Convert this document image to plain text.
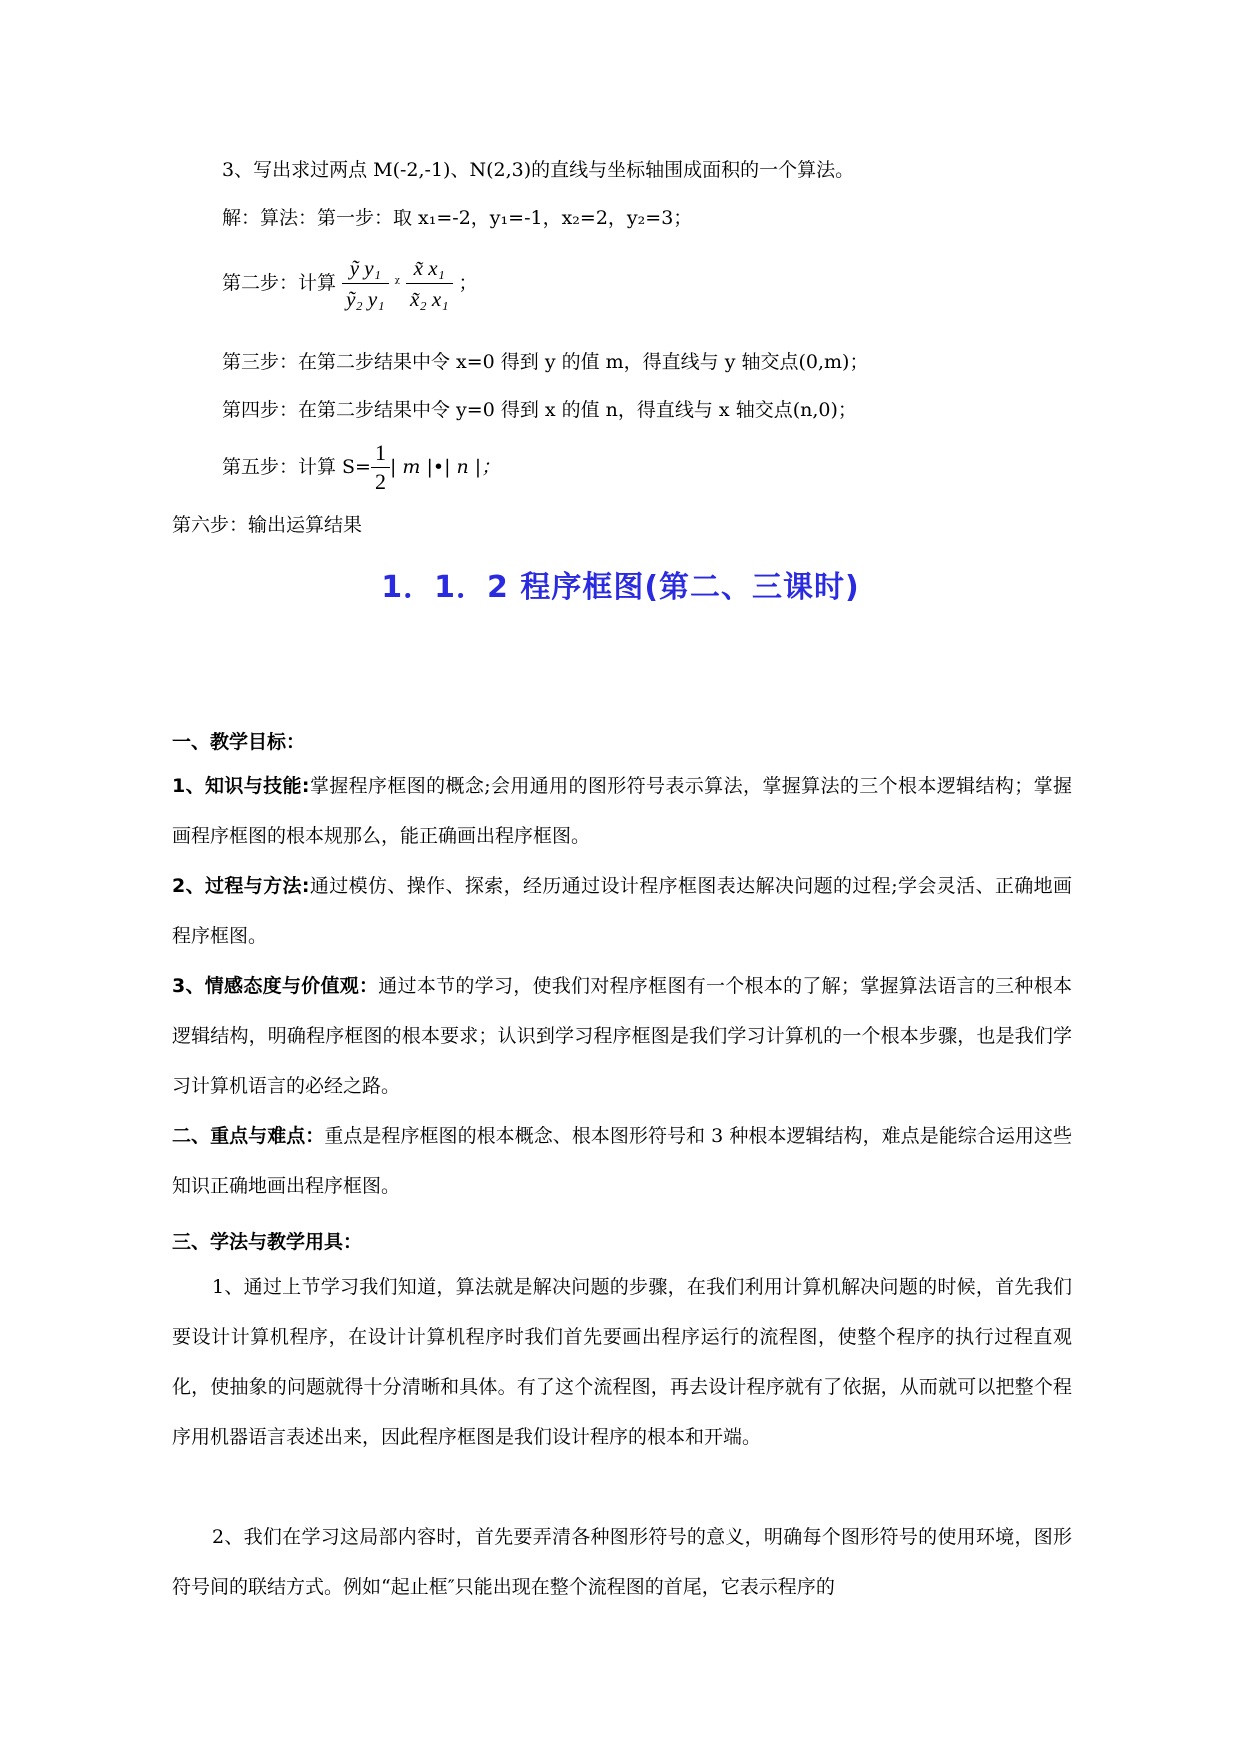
3、写出求过两点 M(-2,-1)、N(2,3)的直线与坐标轴围成面积的一个算法。
解：算法：第一步：取 x₁=-2，y₁=-1，x₂=2，y₂=3；
第二步：计算 $\frac{\text{ỹ y₁}}{\text{ỹ₂ y₁}}$ ᵡ $\frac{\text{x̃ x₁}}{\text{x̃₂ x₁}}$ ；
第三步：在第二步结果中令 x=0 得到 y 的值 m，得直线与 y 轴交点(0,m)；
第四步：在第二步结果中令 y=0 得到 x 的值 n，得直线与 x 轴交点(n,0)；
第五步：计算 $S= \frac{1}{2}$ | m |•| n |；
第六步：输出运算结果
1．1．2 程序框图(第二、三课时)
一、教学目标：
1、知识与技能:掌握程序框图的概念;会用通用的图形符号表示算法，掌握算法的三个根本逻辑结构；掌握画程序框图的根本规那么，能正确画出程序框图。
2、过程与方法:通过模仿、操作、探索，经历通过设计程序框图表达解决问题的过程;学会灵活、正确地画程序框图。
3、情感态度与价值观：通过本节的学习，使我们对程序框图有一个根本的了解；掌握算法语言的三种根本逻辑结构，明确程序框图的根本要求；认识到学习程序框图是我们学习计算机的一个根本步骤，也是我们学习计算机语言的必经之路。
二、重点与难点：重点是程序框图的根本概念、根本图形符号和 3 种根本逻辑结构，难点是能综合运用这些知识正确地画出程序框图。
三、学法与教学用具：
1、通过上节学习我们知道，算法就是解决问题的步骤，在我们利用计算机解决问题的时候，首先我们要设计计算机程序，在设计计算机程序时我们首先要画出程序运行的流程图，使整个程序的执行过程直观化，使抽象的问题就得十分清晰和具体。有了这个流程图，再去设计程序就有了依据，从而就可以把整个程序用机器语言表述出来，因此程序框图是我们设计程序的根本和开端。
2、我们在学习这局部内容时，首先要弄清各种图形符号的意义，明确每个图形符号的使用环境，图形符号间的联结方式。例如“起止框″只能出现在整个流程图的首尾，它表示程序的
